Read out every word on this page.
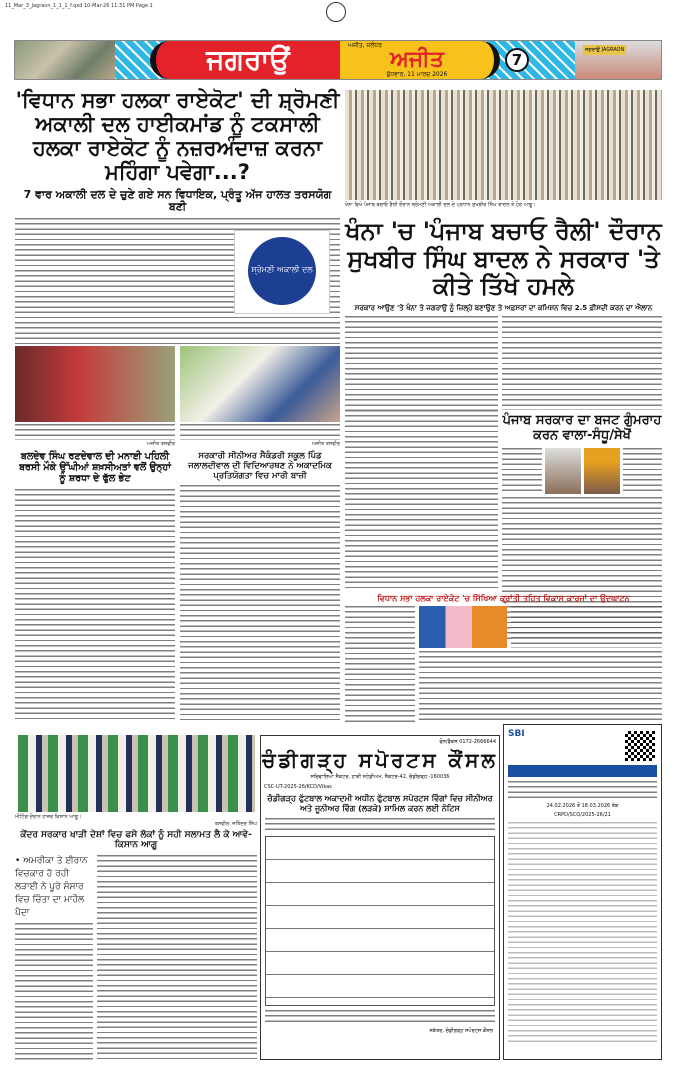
11_Mar_3_Jagraon_1_1_1_f.qxd 10-Mar-26 11:31 PM Page 1
ਜਗਰਾਉਂ JAGRAON
ਜਗਰਾਉਂ	ਅਜੀਤ, ਜਲੰਧਰ
ਅਜੀਤ
ਬੁੱਧਵਾਰ, 11 ਮਾਰਚ 2026
7
'ਵਿਧਾਨ ਸਭਾ ਹਲਕਾ ਰਾਏਕੋਟ' ਦੀ ਸ਼੍ਰੋਮਣੀ ਅਕਾਲੀ ਦਲ ਹਾਈਕਮਾਂਡ ਨੂੰ ਟਕਸਾਲੀ ਹਲਕਾ ਰਾਏਕੋਟ ਨੂੰ ਨਜ਼ਰਅੰਦਾਜ਼ ਕਰਨਾ ਮਹਿੰਗਾ ਪਵੇਗਾ...?
7 ਵਾਰ ਅਕਾਲੀ ਦਲ ਦੇ ਚੁਣੇ ਗਏ ਸਨ ਵਿਧਾਇਕ, ਪ੍ਰੰਤੂ ਅੱਜ ਹਾਲਤ ਤਰਸਯੋਗ ਬਣੀ
ਸ਼੍ਰੋਮਣੀ ਅਕਾਲੀ ਦਲ
ਖੰਨਾ ਵਿਖੇ ਪੰਜਾਬ ਬਚਾਓ ਰੈਲੀ ਦੌਰਾਨ ਸ਼੍ਰੋਮਣੀ ਅਕਾਲੀ ਦਲ ਦੇ ਪ੍ਰਧਾਨ ਸੁਖਬੀਰ ਸਿੰਘ ਬਾਦਲ ਤੇ ਹੋਰ ਆਗੂ।
ਖੰਨਾ 'ਚ 'ਪੰਜਾਬ ਬਚਾਓ ਰੈਲੀ' ਦੌਰਾਨ ਸੁਖਬੀਰ ਸਿੰਘ ਬਾਦਲ ਨੇ ਸਰਕਾਰ 'ਤੇ ਕੀਤੇ ਤਿੱਖੇ ਹਮਲੇ
ਸਰਕਾਰ ਆਉਣ 'ਤੇ ਖੰਨਾ ਤੇ ਜਗਰਾਉਂ ਨੂੰ ਜ਼ਿਲ੍ਹੇ ਬਣਾਉਣ ਤੇ ਅਫ਼ਸਰਾਂ ਦਾ ਕਮਿਸ਼ਨ ਵਿਚ 2.5 ਫ਼ੀਸਦੀ ਕਰਨ ਦਾ ਐਲਾਨ
ਪੰਜਾਬ ਸਰਕਾਰ ਦਾ ਬਜਟ ਗੁੰਮਰਾਹ ਕਰਨ ਵਾਲਾ-ਸੰਧੂ/ਸੇਖੋਂ
ਅਜੀਤ ਤਸਵੀਰ	ਅਜੀਤ ਤਸਵੀਰ
ਬਲਦੇਵ ਸਿੰਘ ਰਣਦੇਵਾਲ ਦੀ ਮਨਾਈ ਪਹਿਲੀ ਬਰਸੀ ਮੌਕੇ ਉੱਘੀਆਂ ਸ਼ਖ਼ਸੀਅਤਾਂ ਵਲੋਂ ਉਨ੍ਹਾਂ ਨੂੰ ਸ਼ਰਧਾ ਦੇ ਫੁੱਲ ਭੇਟ
ਸਰਕਾਰੀ ਸੀਨੀਅਰ ਸੈਕੰਡਰੀ ਸਕੂਲ ਪਿੰਡ ਜਲਾਲਦੀਵਾਲ ਦੀ ਵਿਦਿਆਰਥਣ ਨੇ ਅਕਾਦਮਿਕ ਪ੍ਰਤਿਯੋਗਤਾ ਵਿਚ ਮਾਰੀ ਬਾਜ਼ੀ
ਵਿਧਾਨ ਸਭਾ ਹਲਕਾ ਰਾਏਕੋਟ 'ਚ ਸਿੱਖਿਆ ਕ੍ਰਾਂਤੀ ਤਹਿਤ ਵਿਕਾਸ ਕਾਰਜਾਂ ਦਾ ਉਦਘਾਟਨ
ਮੀਟਿੰਗ ਦੌਰਾਨ ਹਾਜ਼ਰ ਕਿਸਾਨ ਆਗੂ।
ਤਸਵੀਰ: ਜਤਿੰਦਰ ਸਿੰਘ
ਕੇਂਦਰ ਸਰਕਾਰ ਖਾੜੀ ਦੇਸ਼ਾਂ ਵਿਚ ਫਸੇ ਲੋਕਾਂ ਨੂੰ ਸਹੀ ਸਲਾਮਤ ਲੈ ਕੇ ਆਵੇ-ਕਿਸਾਨ ਆਗੂ
• ਅਮਰੀਕਾ ਤੇ ਈਰਾਨ ਵਿਚਕਾਰ ਹੋ ਰਹੀ ਲੜਾਈ ਨੇ ਪੂਰੇ ਸੰਸਾਰ ਵਿਚ ਚਿੰਤਾ ਦਾ ਮਾਹੌਲ ਪੈਦਾ
ਫੋਨ/ਫੈਕਸ 0172-2666644
ਚੰਡੀਗੜ੍ਹ ਸਪੋਰਟਸ ਕੌਂਸਲ
ਸਚਿਵਾਲਿਆ ਸੈਕਟਰ, ਹਾਕੀ ਸਟੇਡੀਅਮ, ਸੈਕਟਰ-42, ਚੰਡੀਗੜ੍ਹ -160036
CSC-UT-2025-26/KCD/Vikas
ਚੰਡੀਗੜ੍ਹ ਫੁੱਟਬਾਲ ਅਕਾਦਮੀ ਅਧੀਨ ਫੁੱਟਬਾਲ ਸਪੋਰਟਸ ਵਿੰਗਾਂ ਵਿਚ ਸੀਨੀਅਰ ਅਤੇ ਜੂਨੀਅਰ ਵਿੰਗ (ਲੜਕੇ) ਸ਼ਾਮਿਲ ਕਰਨ ਲਈ ਨੋਟਿਸ
ਸਕੱਤਰ, ਚੰਡੀਗੜ੍ਹ ਸਪੋਰਟਸ ਕੌਂਸਲ
SBI
24.02.2026 ਤੋਂ 18.03.2026 ਤੱਕ
CRPD/SCO/2025-26/21
